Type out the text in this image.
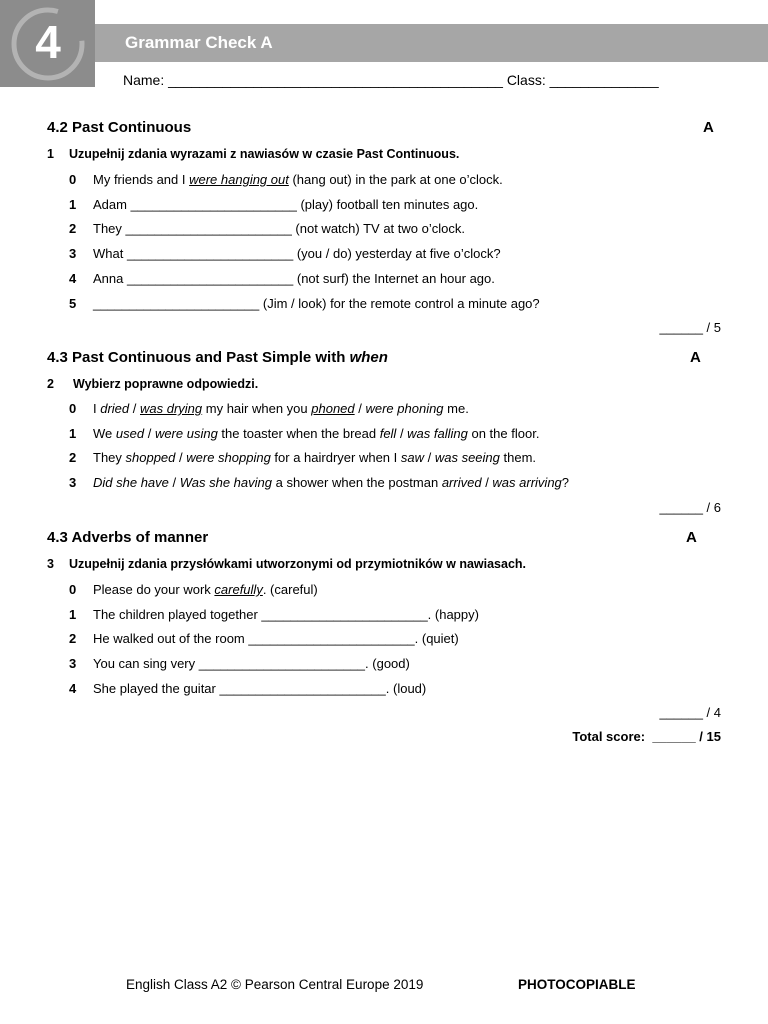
4	Grammar Check A
Name: ___________________________________________ Class: ______________
4.2 Past Continuous	A
1 Uzupełnij zdania wyrazami z nawiasów w czasie Past Continuous.
0 My friends and I were hanging out (hang out) in the park at one o’clock.
1 Adam _______________________ (play) football ten minutes ago.
2 They _______________________ (not watch) TV at two o’clock.
3 What _______________________ (you / do) yesterday at five o’clock?
4 Anna _______________________ (not surf) the Internet an hour ago.
5 _______________________ (Jim / look) for the remote control a minute ago?
______ / 5
4.3 Past Continuous and Past Simple with when	A
2 Wybierz poprawne odpowiedzi.
0 I dried / was drying my hair when you phoned / were phoning me.
1 We used / were using the toaster when the bread fell / was falling on the floor.
2 They shopped / were shopping for a hairdryer when I saw / was seeing them.
3 Did she have / Was she having a shower when the postman arrived / was arriving?
______ / 6
4.3 Adverbs of manner	A
3 Uzupełnij zdania przysłówkami utworzonymi od przymiotników w nawiasach.
0 Please do your work carefully. (careful)
1 The children played together _______________________. (happy)
2 He walked out of the room _______________________. (quiet)
3 You can sing very _______________________. (good)
4 She played the guitar _______________________. (loud)
______ / 4
Total score: ______ / 15
English Class A2 © Pearson Central Europe 2019	PHOTOCOPIABLE
